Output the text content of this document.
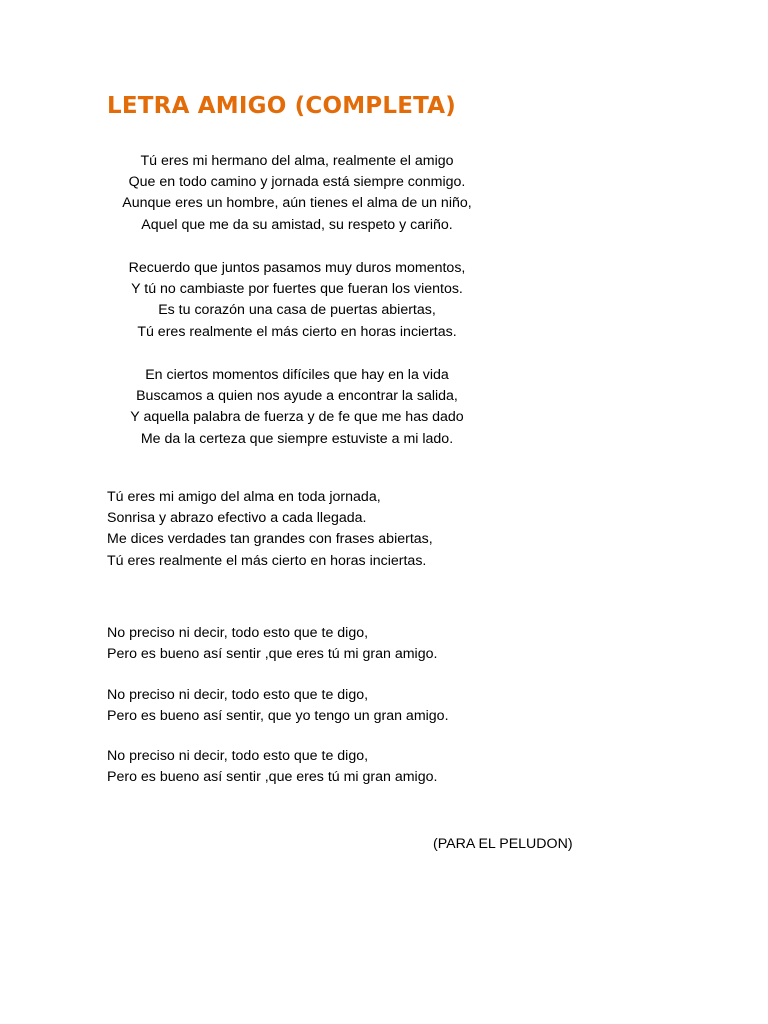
LETRA AMIGO (COMPLETA)

Tú eres mi hermano del alma, realmente el amigo
Que en todo camino y jornada está siempre conmigo.
Aunque eres un hombre, aún tienes el alma de un niño,
Aquel que me da su amistad, su respeto y cariño.

Recuerdo que juntos pasamos muy duros momentos,
Y tú no cambiaste por fuertes que fueran los vientos.
Es tu corazón una casa de puertas abiertas,
Tú eres realmente el más cierto en horas inciertas.

En ciertos momentos difíciles que hay en la vida
Buscamos a quien nos ayude a encontrar la salida,
Y aquella palabra de fuerza y de fe que me has dado
Me da la certeza que siempre estuviste a mi lado.

Tú eres mi amigo del alma en toda jornada,
Sonrisa y abrazo efectivo a cada llegada.
Me dices verdades tan grandes con frases abiertas,
Tú eres realmente el más cierto en horas inciertas.

No preciso ni decir, todo esto que te digo,
Pero es bueno así sentir ,que eres tú mi gran amigo.

No preciso ni decir, todo esto que te digo,
Pero es bueno así sentir, que yo tengo un gran amigo.

No preciso ni decir, todo esto que te digo,
Pero es bueno así sentir ,que eres tú mi gran amigo.

(PARA EL PELUDON)
